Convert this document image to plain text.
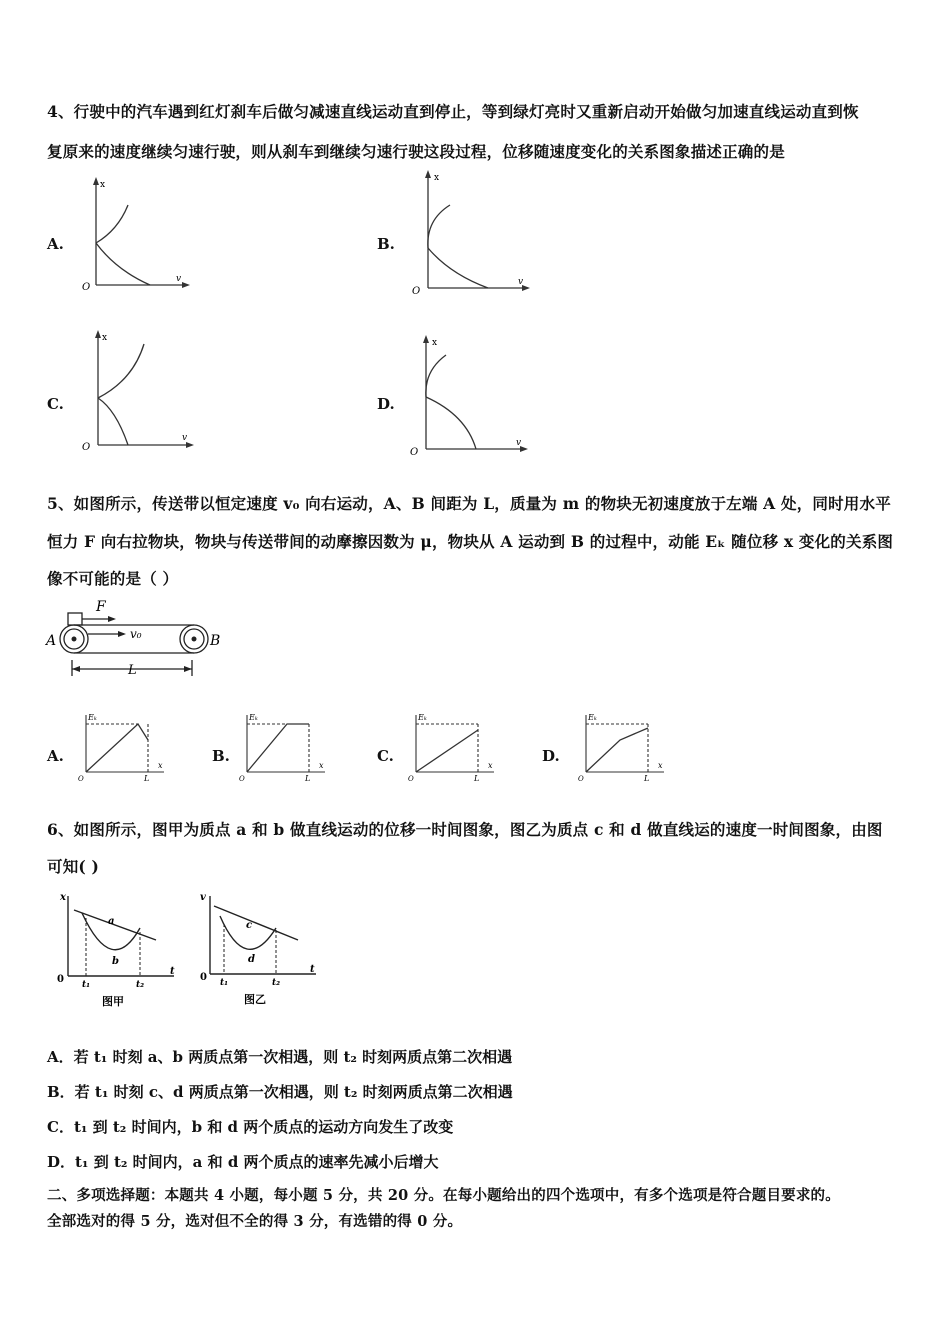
4、行驶中的汽车遇到红灯刹车后做匀减速直线运动直到停止，等到绿灯亮时又重新启动开始做匀加速直线运动直到恢
复原来的速度继续匀速行驶，则从刹车到继续匀速行驶这段过程，位移随速度变化的关系图象描述正确的是
A.	B.
C.	D.
x
v
O
x
v
O
x
v
O
x
v
O
5、如图所示，传送带以恒定速度 v₀ 向右运动，A、B 间距为 L，质量为 m 的物块无初速度放于左端 A 处，同时用水平
恒力 F 向右拉物块，物块与传送带间的动摩擦因数为 μ，物块从 A 运动到 B 的过程中，动能 Eₖ 随位移 x 变化的关系图
像不可能的是（ ）
F
v₀
A	B
L
A.	B.	C.	D.
Eₖ
x
L
O
Eₖ
x
L
O
Eₖ
x
L
O
Eₖ
x
L
O
6、如图所示，图甲为质点 a 和 b 做直线运动的位移一时间图象，图乙为质点 c 和 d 做直线运的速度一时间图象，由图
可知( )
x
t
0 t₁	t₂
a
b
图甲
v
t
0 t₁	t₂
c
d
图乙
A．若 t₁ 时刻 a、b 两质点第一次相遇，则 t₂ 时刻两质点第二次相遇
B．若 t₁ 时刻 c、d 两质点第一次相遇，则 t₂ 时刻两质点第二次相遇
C．t₁ 到 t₂ 时间内，b 和 d 两个质点的运动方向发生了改变
D．t₁ 到 t₂ 时间内，a 和 d 两个质点的速率先减小后增大
二、多项选择题：本题共 4 小题，每小题 5 分，共 20 分。在每小题给出的四个选项中，有多个选项是符合题目要求的。
全部选对的得 5 分，选对但不全的得 3 分，有选错的得 0 分。
